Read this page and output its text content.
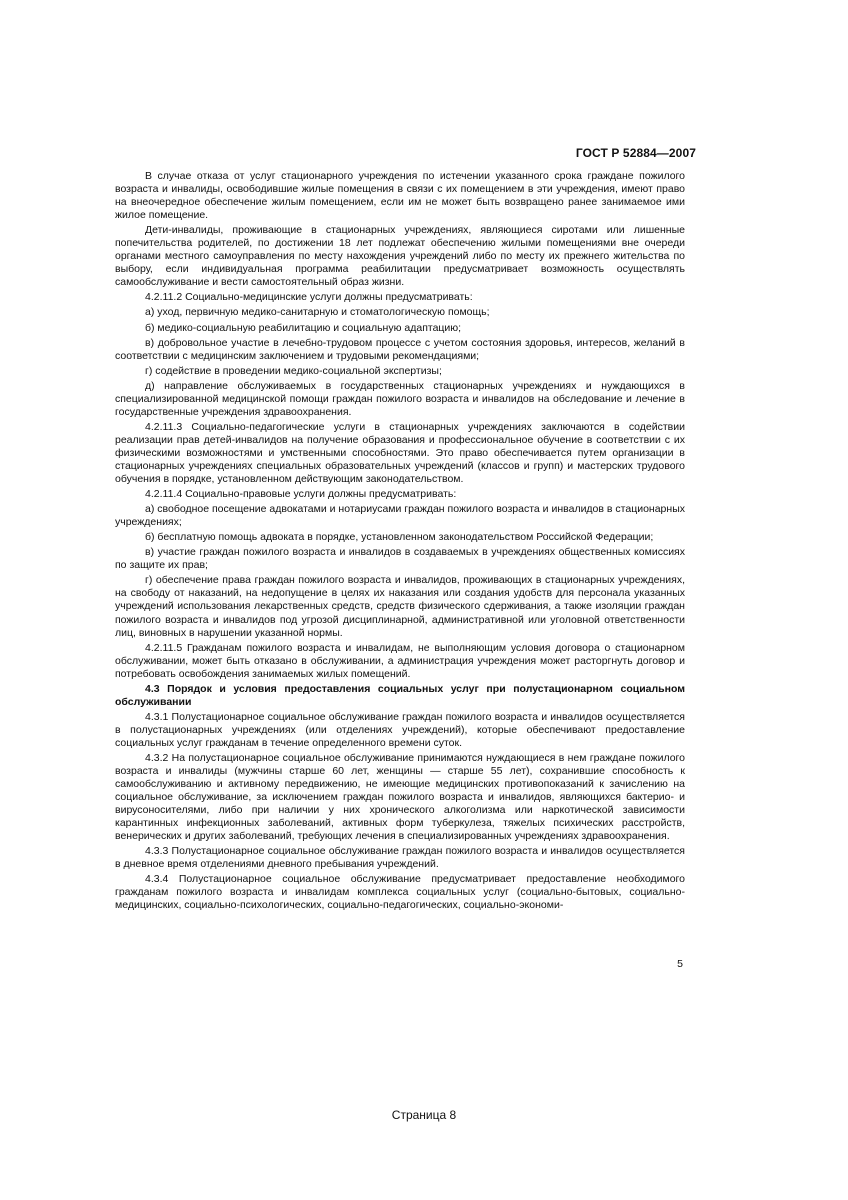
ГОСТ Р 52884—2007

В случае отказа от услуг стационарного учреждения по истечении указанного срока граждане пожилого возраста и инвалиды, освободившие жилые помещения в связи с их помещением в эти учреждения, имеют право на внеочередное обеспечение жилым помещением, если им не может быть возвращено ранее занимаемое ими жилое помещение.

Дети-инвалиды, проживающие в стационарных учреждениях, являющиеся сиротами или лишенные попечительства родителей, по достижении 18 лет подлежат обеспечению жилыми помещениями вне очереди органами местного самоуправления по месту нахождения учреждений либо по месту их прежнего жительства по выбору, если индивидуальная программа реабилитации предусматривает возможность осуществлять самообслуживание и вести самостоятельный образ жизни.

4.2.11.2 Социально-медицинские услуги должны предусматривать:

а) уход, первичную медико-санитарную и стоматологическую помощь;

б) медико-социальную реабилитацию и социальную адаптацию;

в) добровольное участие в лечебно-трудовом процессе с учетом состояния здоровья, интересов, желаний в соответствии с медицинским заключением и трудовыми рекомендациями;

г) содействие в проведении медико-социальной экспертизы;

д) направление обслуживаемых в государственных стационарных учреждениях и нуждающихся в специализированной медицинской помощи граждан пожилого возраста и инвалидов на обследование и лечение в государственные учреждения здравоохранения.

4.2.11.3 Социально-педагогические услуги в стационарных учреждениях заключаются в содействии реализации прав детей-инвалидов на получение образования и профессиональное обучение в соответствии с их физическими возможностями и умственными способностями. Это право обеспечивается путем организации в стационарных учреждениях специальных образовательных учреждений (классов и групп) и мастерских трудового обучения в порядке, установленном действующим законодательством.

4.2.11.4 Социально-правовые услуги должны предусматривать:

а) свободное посещение адвокатами и нотариусами граждан пожилого возраста и инвалидов в стационарных учреждениях;

б) бесплатную помощь адвоката в порядке, установленном законодательством Российской Федерации;

в) участие граждан пожилого возраста и инвалидов в создаваемых в учреждениях общественных комиссиях по защите их прав;

г) обеспечение права граждан пожилого возраста и инвалидов, проживающих в стационарных учреждениях, на свободу от наказаний, на недопущение в целях их наказания или создания удобств для персонала указанных учреждений использования лекарственных средств, средств физического сдерживания, а также изоляции граждан пожилого возраста и инвалидов под угрозой дисциплинарной, административной или уголовной ответственности лиц, виновных в нарушении указанной нормы.

4.2.11.5 Гражданам пожилого возраста и инвалидам, не выполняющим условия договора о стационарном обслуживании, может быть отказано в обслуживании, а администрация учреждения может расторгнуть договор и потребовать освобождения занимаемых жилых помещений.

4.3 Порядок и условия предоставления социальных услуг при полустационарном социальном обслуживании

4.3.1 Полустационарное социальное обслуживание граждан пожилого возраста и инвалидов осуществляется в полустационарных учреждениях (или отделениях учреждений), которые обеспечивают предоставление социальных услуг гражданам в течение определенного времени суток.

4.3.2 На полустационарное социальное обслуживание принимаются нуждающиеся в нем граждане пожилого возраста и инвалиды (мужчины старше 60 лет, женщины — старше 55 лет), сохранившие способность к самообслуживанию и активному передвижению, не имеющие медицинских противопоказаний к зачислению на социальное обслуживание, за исключением граждан пожилого возраста и инвалидов, являющихся бактерио- и вирусоносителями, либо при наличии у них хронического алкоголизма или наркотической зависимости карантинных инфекционных заболеваний, активных форм туберкулеза, тяжелых психических расстройств, венерических и других заболеваний, требующих лечения в специализированных учреждениях здравоохранения.

4.3.3 Полустационарное социальное обслуживание граждан пожилого возраста и инвалидов осуществляется в дневное время отделениями дневного пребывания учреждений.

4.3.4 Полустационарное социальное обслуживание предусматривает предоставление необходимого гражданам пожилого возраста и инвалидам комплекса социальных услуг (социально-бытовых, социально-медицинских, социально-психологических, социально-педагогических, социально-экономи-

5
Страница 8
